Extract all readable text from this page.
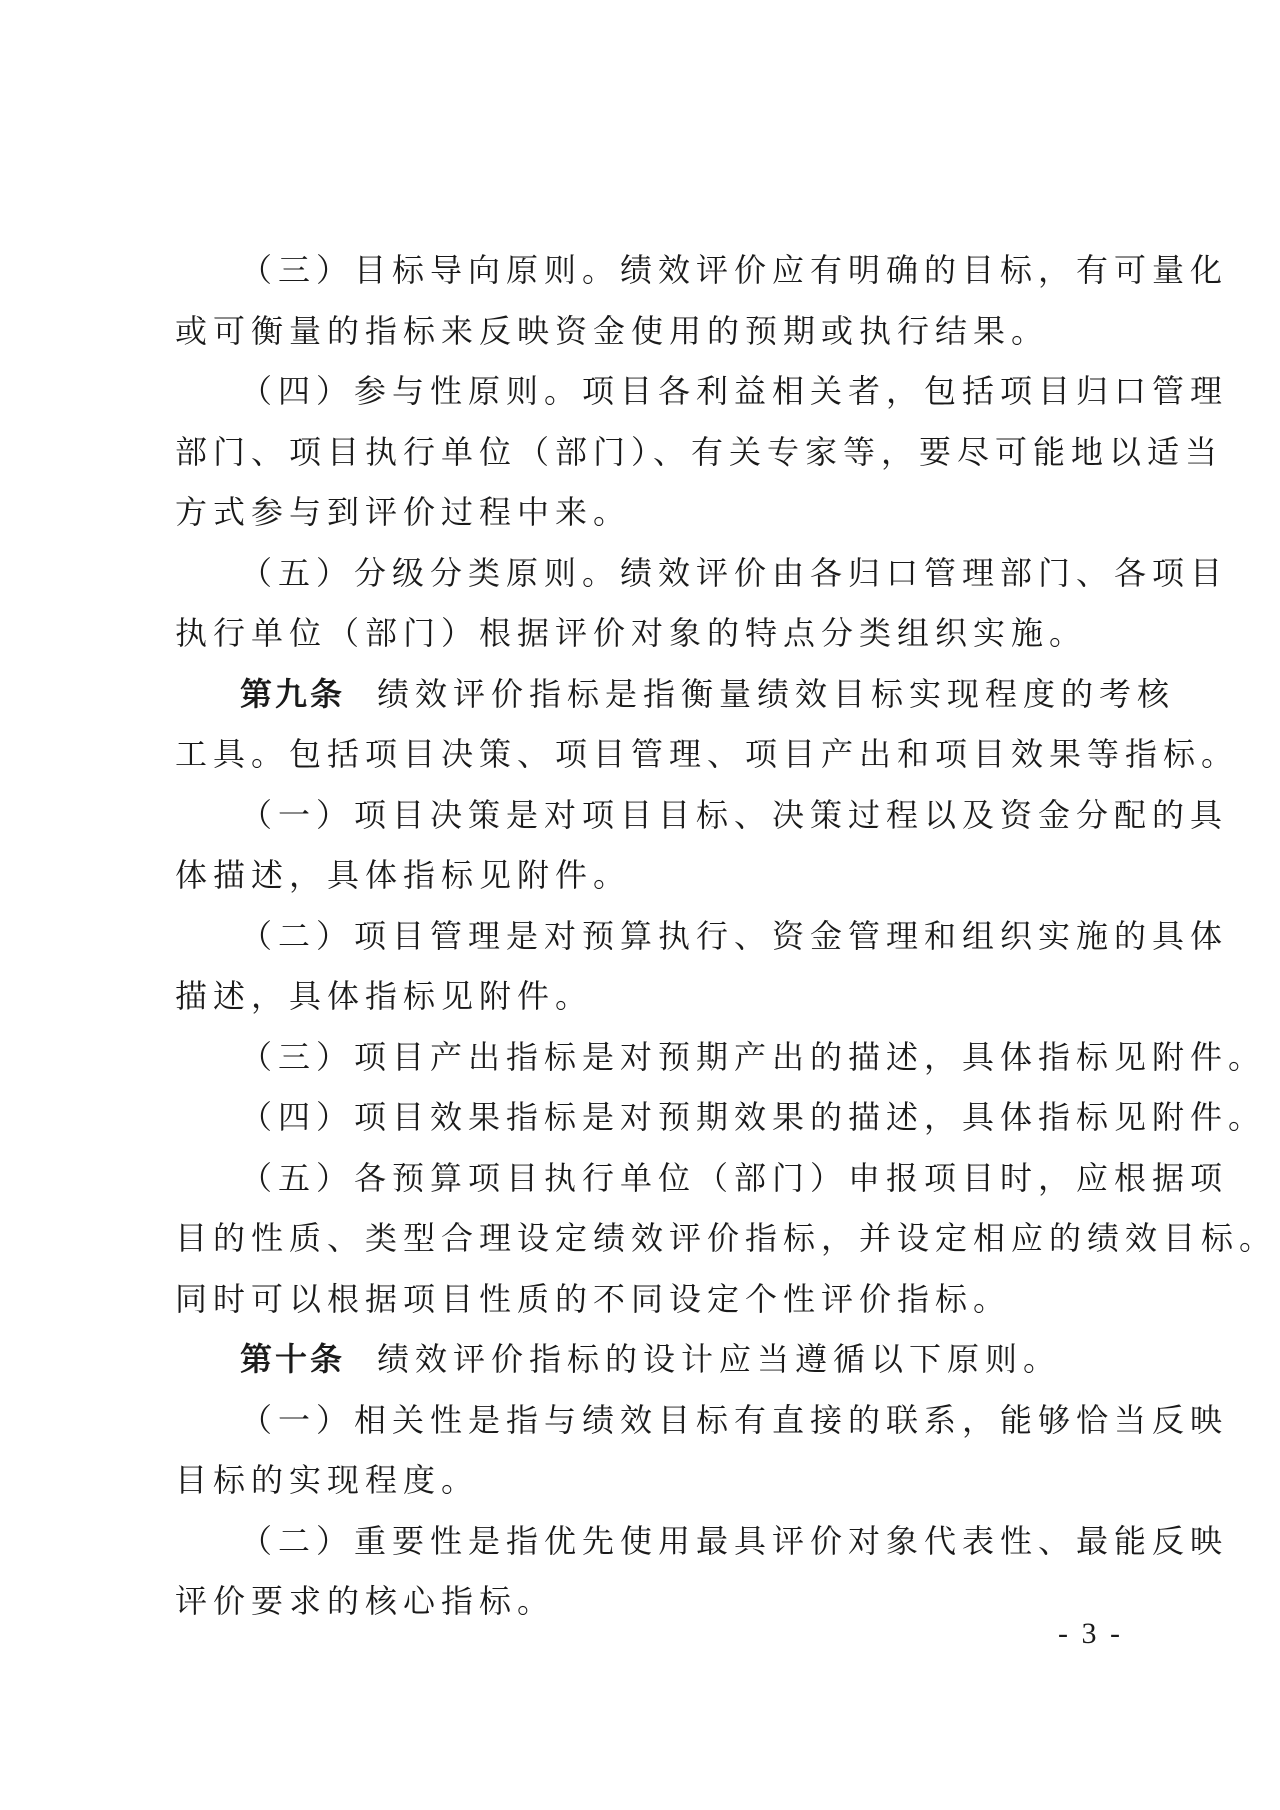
（三）目标导向原则。绩效评价应有明确的目标，有可量化
或可衡量的指标来反映资金使用的预期或执行结果。
（四）参与性原则。项目各利益相关者，包括项目归口管理
部门、项目执行单位（部门）、有关专家等，要尽可能地以适当
方式参与到评价过程中来。
（五）分级分类原则。绩效评价由各归口管理部门、各项目
执行单位（部门）根据评价对象的特点分类组织实施。
第九条 绩效评价指标是指衡量绩效目标实现程度的考核
工具。包括项目决策、项目管理、项目产出和项目效果等指标。
（一）项目决策是对项目目标、决策过程以及资金分配的具
体描述，具体指标见附件。
（二）项目管理是对预算执行、资金管理和组织实施的具体
描述，具体指标见附件。
（三）项目产出指标是对预期产出的描述，具体指标见附件。
（四）项目效果指标是对预期效果的描述，具体指标见附件。
（五）各预算项目执行单位（部门）申报项目时，应根据项
目的性质、类型合理设定绩效评价指标，并设定相应的绩效目标。
同时可以根据项目性质的不同设定个性评价指标。
第十条 绩效评价指标的设计应当遵循以下原则。
（一）相关性是指与绩效目标有直接的联系，能够恰当反映
目标的实现程度。
（二）重要性是指优先使用最具评价对象代表性、最能反映
评价要求的核心指标。
- 3 -
